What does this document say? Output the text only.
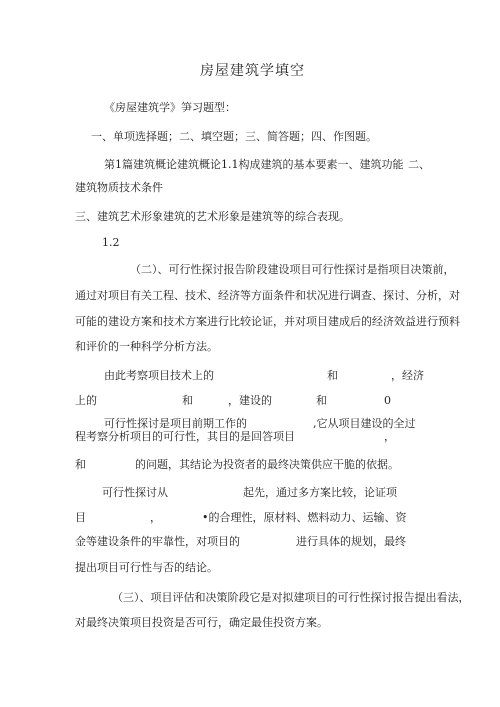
房屋建筑学填空
《房屋建筑学》笋习题型：
一、单项选择题；二、填空题；三、简答题；四、作图题。
第1篇建筑概论建筑概论1.1构成建筑的基本要素一、建筑功能 二、
建筑物质技术条件
三、建筑艺术形象建筑的艺术形象是建筑等的综合表现。
1.2
（二）、可行性探讨报告阶段建设项目可行性探讨是指项目决策前，
通过对项目有关工程、技术、经济等方面条件和状况进行调查、探讨、分析，对
可能的建设方案和技术方案进行比较论证，并对项目建成后的经济效益进行预料
和评价的一种科学分析方法。
由此考察项目技术上的	和	，经济
上的	和	，建设的	和	0
可行性探讨是项目前期工作的	,它从项目建设的全过
程考察分析项目的可行性，其目的是回答项目	，
和	的问题，其结论为投资者的最终决策供应干脆的依据。
可行性探讨从	起先，通过多方案比较，论证项
目	，	•的合理性，原材料、燃料动力、运输、资
金等建设条件的牢靠性，对项目的	进行具体的规划，最终
提出项目可行性与否的结论。
（三）、项目评估和决策阶段它是对拟建项目的可行性探讨报告提出看法，
对最终决策项目投资是否可行，确定最佳投资方案。
